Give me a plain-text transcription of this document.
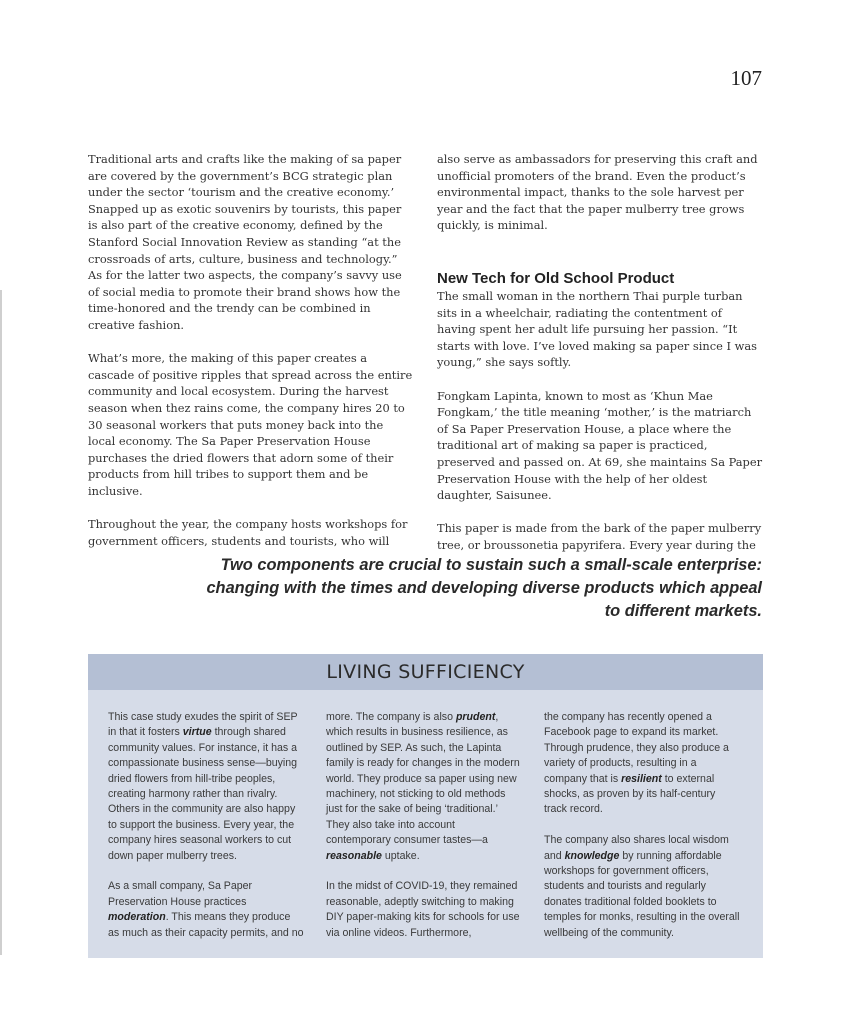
107

Traditional arts and crafts like the making of sa paper are covered by the government’s BCG strategic plan under the sector ‘tourism and the creative economy.’ Snapped up as exotic souvenirs by tourists, this paper is also part of the creative economy, defined by the Stanford Social Innovation Review as standing “at the crossroads of arts, culture, business and technology.” As for the latter two aspects, the company’s savvy use of social media to promote their brand shows how the time-honored and the trendy can be combined in creative fashion.

What’s more, the making of this paper creates a cascade of positive ripples that spread across the entire community and local ecosystem. During the harvest season when thez rains come, the company hires 20 to 30 seasonal workers that puts money back into the local economy. The Sa Paper Preservation House purchases the dried flowers that adorn some of their products from hill tribes to support them and be inclusive.

Throughout the year, the company hosts workshops for government officers, students and tourists, who will

also serve as ambassadors for preserving this craft and unofficial promoters of the brand. Even the product’s environmental impact, thanks to the sole harvest per year and the fact that the paper mulberry tree grows quickly, is minimal.

New Tech for Old School Product

The small woman in the northern Thai purple turban sits in a wheelchair, radiating the contentment of having spent her adult life pursuing her passion. “It starts with love. I’ve loved making sa paper since I was young,” she says softly.

Fongkam Lapinta, known to most as ‘Khun Mae Fongkam,’ the title meaning ‘mother,’ is the matriarch of Sa Paper Preservation House, a place where the traditional art of making sa paper is practiced, preserved and passed on. At 69, she maintains Sa Paper Preservation House with the help of her oldest daughter, Saisunee.

This paper is made from the bark of the paper mulberry tree, or broussonetia papyrifera. Every year during the

Two components are crucial to sustain such a small-scale enterprise: changing with the times and developing diverse products which appeal to different markets.
LIVING SUFFICIENCY

This case study exudes the spirit of SEP in that it fosters virtue through shared community values. For instance, it has a compassionate business sense—buying dried flowers from hill-tribe peoples, creating harmony rather than rivalry. Others in the community are also happy to support the business. Every year, the company hires seasonal workers to cut down paper mulberry trees.

As a small company, Sa Paper Preservation House practices moderation. This means they produce as much as their capacity permits, and no

more. The company is also prudent, which results in business resilience, as outlined by SEP. As such, the Lapinta family is ready for changes in the modern world. They produce sa paper using new machinery, not sticking to old methods just for the sake of being ‘traditional.’ They also take into account contemporary consumer tastes—a reasonable uptake.

In the midst of COVID-19, they remained reasonable, adeptly switching to making DIY paper-making kits for schools for use via online videos. Furthermore,

the company has recently opened a Facebook page to expand its market. Through prudence, they also produce a variety of products, resulting in a company that is resilient to external shocks, as proven by its half-century track record.

The company also shares local wisdom and knowledge by running affordable workshops for government officers, students and tourists and regularly donates traditional folded booklets to temples for monks, resulting in the overall wellbeing of the community.
